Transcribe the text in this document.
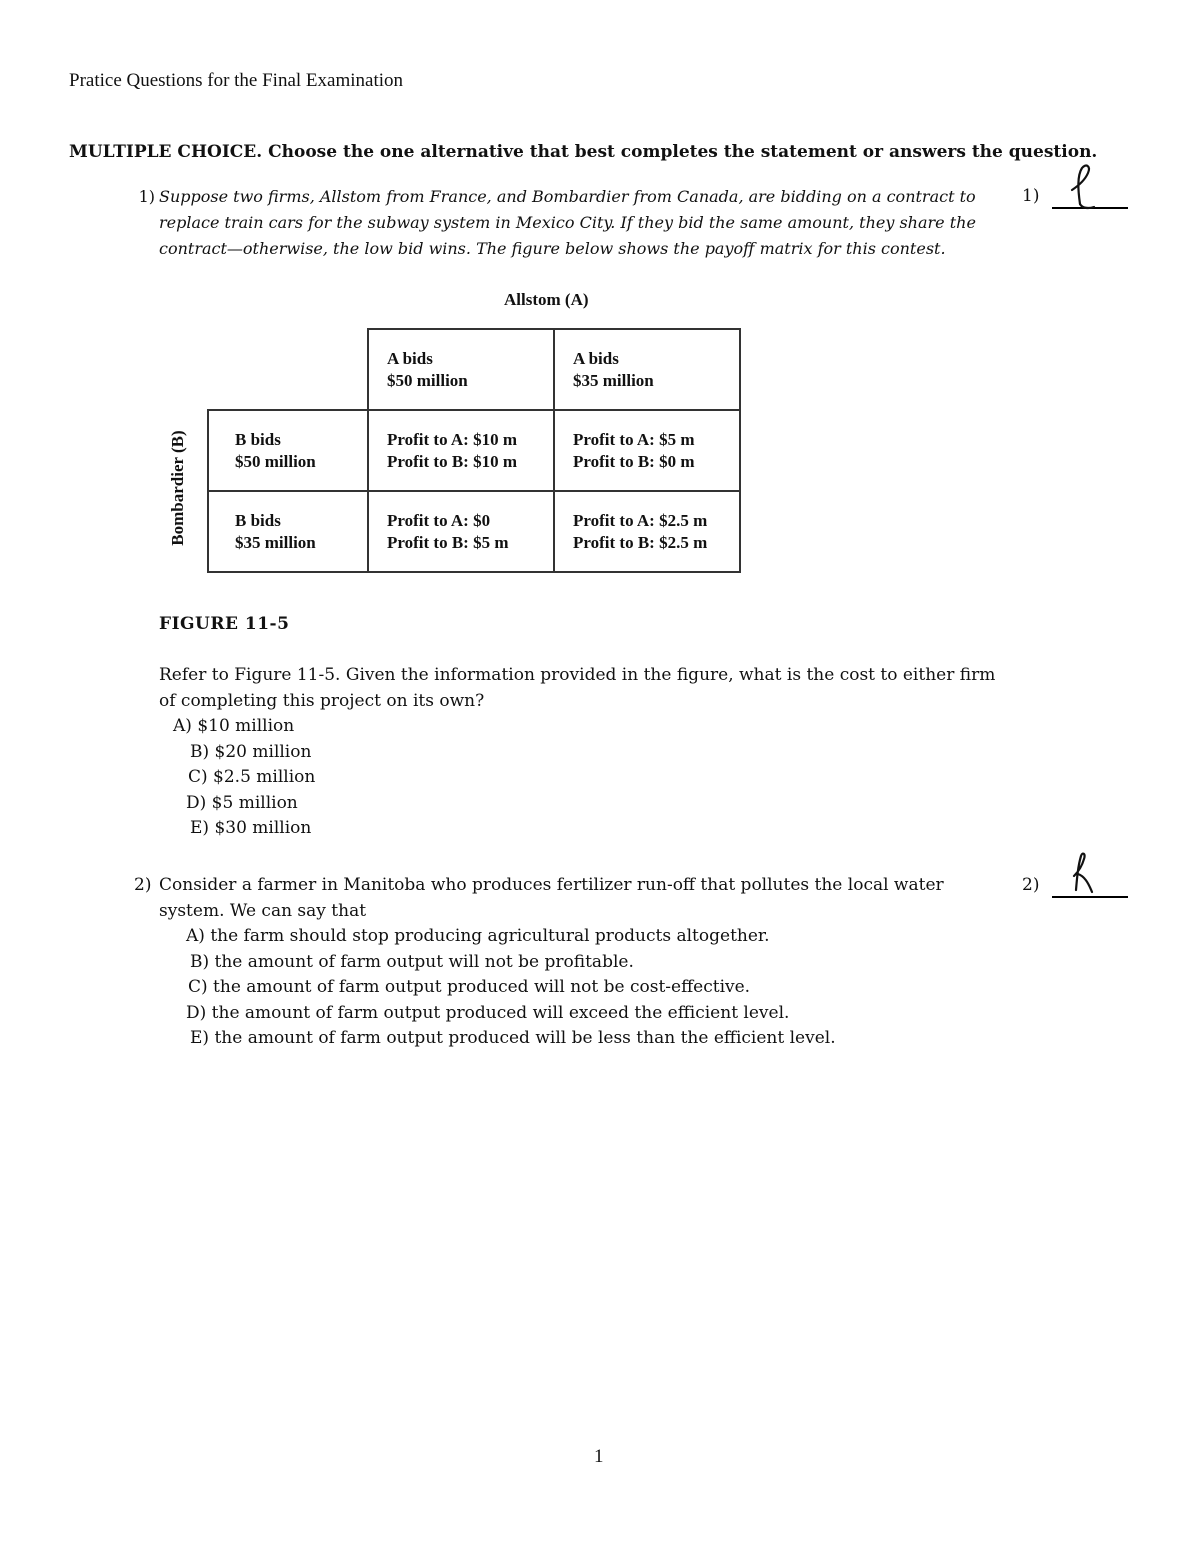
Pratice Questions for the Final Examination
MULTIPLE CHOICE. Choose the one alternative that best completes the statement or answers the question.
1) Suppose two firms, Allstom from France, and Bombardier from Canada, are bidding on a contract to
replace train cars for the subway system in Mexico City. If they bid the same amount, they share the
contract—otherwise, the low bid wins. The figure below shows the payoff matrix for this contest.
1)
Allstom (A)
Bombardier (B)
A bids
$50 million
A bids
$35 million
B bids
$50 million
Profit to A: $10 m
Profit to B: $10 m
Profit to A: $5 m
Profit to B: $0 m
B bids
$35 million
Profit to A: $0
Profit to B: $5 m
Profit to A: $2.5 m
Profit to B: $2.5 m
FIGURE 11-5
Refer to Figure 11-5. Given the information provided in the figure, what is the cost to either firm
of completing this project on its own?
A) $10 million
B) $20 million
C) $2.5 million
D) $5 million
E) $30 million
2) Consider a farmer in Manitoba who produces fertilizer run-off that pollutes the local water
system. We can say that
2)
A) the farm should stop producing agricultural products altogether.
B) the amount of farm output will not be profitable.
C) the amount of farm output produced will not be cost-effective.
D) the amount of farm output produced will exceed the efficient level.
E) the amount of farm output produced will be less than the efficient level.
1
